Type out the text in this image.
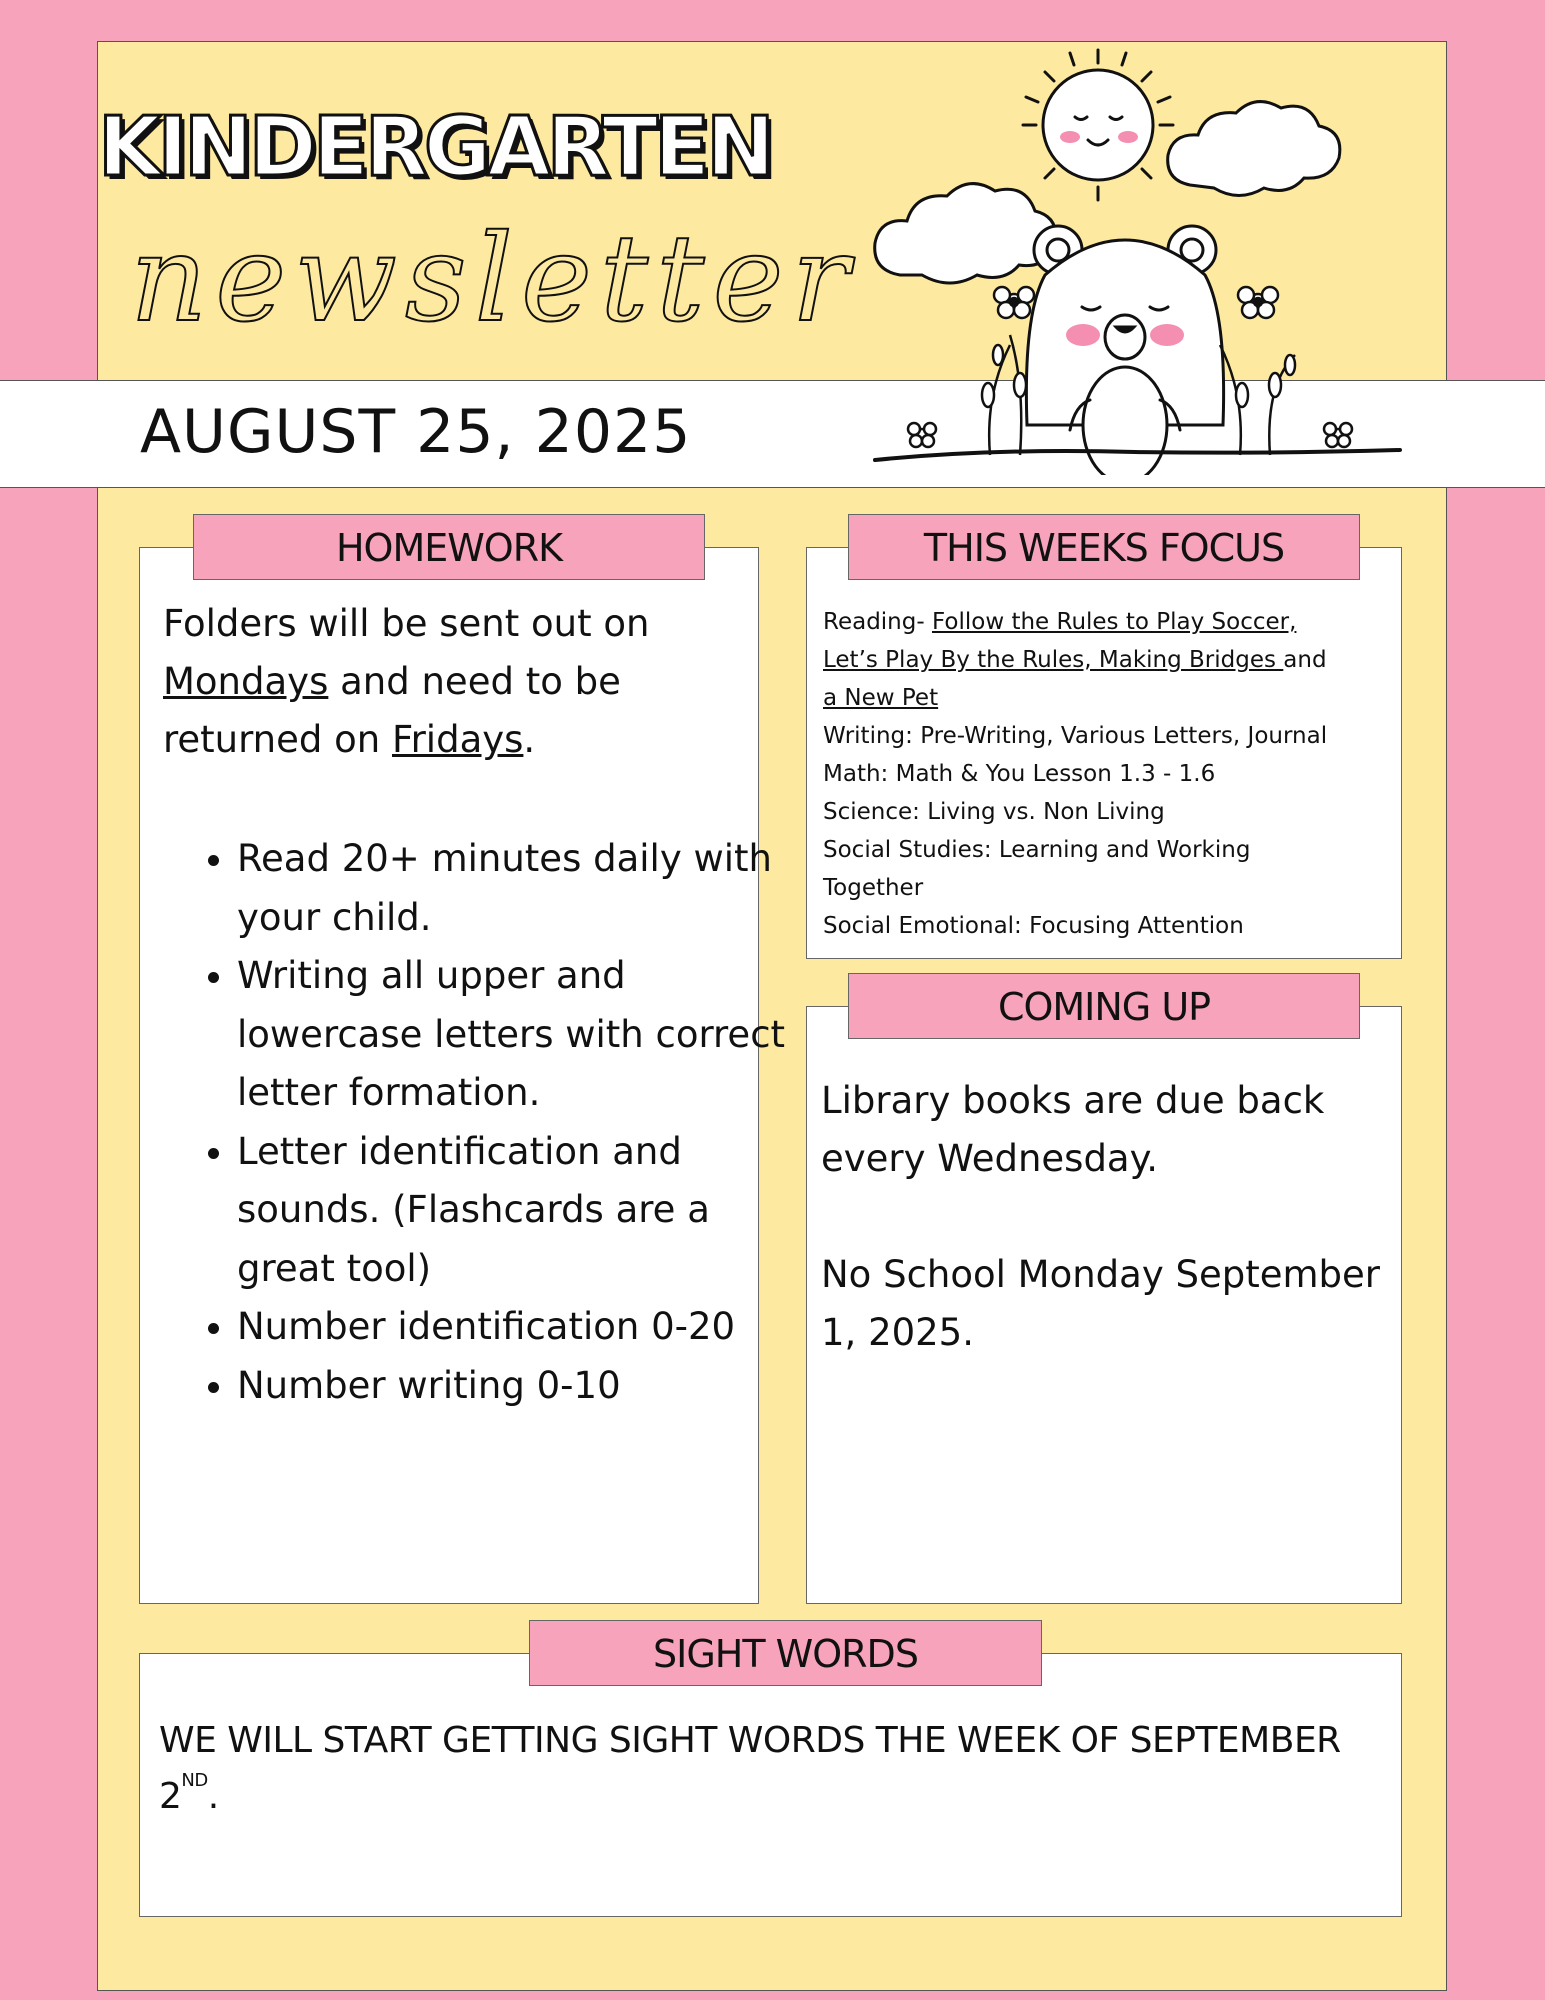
KINDERGARTEN
newsletter
AUGUST 25, 2025
HOMEWORK

Folders will be sent out on Mondays and need to be returned on Fridays.

• Read 20+ minutes daily with your child.
• Writing all upper and lowercase letters with correct letter formation.
• Letter identification and sounds. (Flashcards are a great tool)
• Number identification 0-20
• Number writing 0-10
THIS WEEKS FOCUS
Reading- Follow the Rules to Play Soccer,
Let’s Play By the Rules, Making Bridges and
a New Pet
Writing: Pre-Writing, Various Letters, Journal
Math: Math & You Lesson 1.3 - 1.6
Science: Living vs. Non Living
Social Studies: Learning and Working
Together
Social Emotional: Focusing Attention
COMING UP

Library books are due back every Wednesday.

No School Monday September 1, 2025.

SIGHT WORDS
WE WILL START GETTING SIGHT WORDS THE WEEK OF SEPTEMBER 2ND.
